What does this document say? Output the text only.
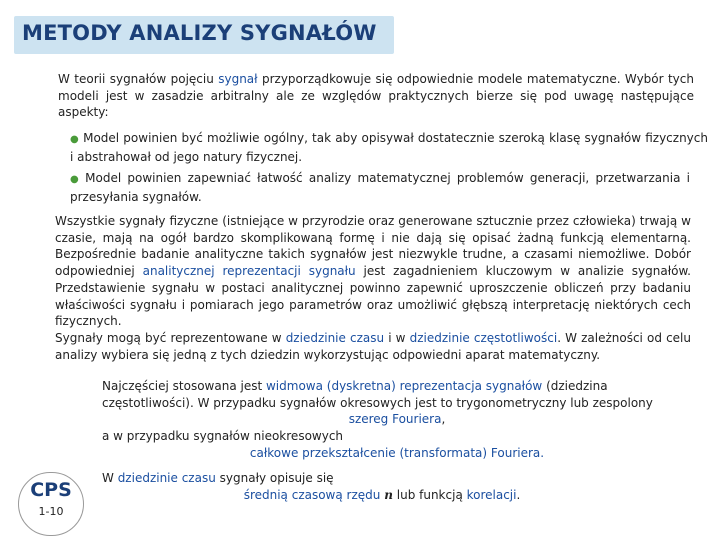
METODY ANALIZY SYGNAŁÓW
W teorii sygnałów pojęciu sygnał przyporządkowuje się odpowiednie modele matematyczne. Wybór tych modeli jest w zasadzie arbitralny ale ze względów praktycznych bierze się pod uwagę następujące aspekty:
● Model powinien być możliwie ogólny, tak aby opisywał dostatecznie szeroką klasę sygnałów fizycznych i abstrahował od jego natury fizycznej.
● Model powinien zapewniać łatwość analizy matematycznej problemów generacji, przetwarzania i przesyłania sygnałów.
Wszystkie sygnały fizyczne (istniejące w przyrodzie oraz generowane sztucznie przez człowieka) trwają w czasie, mają na ogół bardzo skomplikowaną formę i nie dają się opisać żadną funkcją elementarną. Bezpośrednie badanie analityczne takich sygnałów jest niezwykle trudne, a czasami niemożliwe. Dobór odpowiedniej analitycznej reprezentacji sygnału jest zagadnieniem kluczowym w analizie sygnałów. Przedstawienie sygnału w postaci analitycznej powinno zapewnić uproszczenie obliczeń przy badaniu właściwości sygnału i pomiarach jego parametrów oraz umożliwić głębszą interpretację niektórych cech fizycznych.
Sygnały mogą być reprezentowane w dziedzinie czasu i w dziedzinie częstotliwości. W zależności od celu analizy wybiera się jedną z tych dziedzin wykorzystując odpowiedni aparat matematyczny.
Najczęściej stosowana jest widmowa (dyskretna) reprezentacja sygnałów (dziedzina częstotliwości). W przypadku sygnałów okresowych jest to trygonometryczny lub zespolony
szereg Fouriera,
a w przypadku sygnałów nieokresowych
całkowe przekształcenie (transformata) Fouriera.
W dziedzinie czasu sygnały opisuje się
średnią czasową rzędu n lub funkcją korelacji.
CPS
1-10
